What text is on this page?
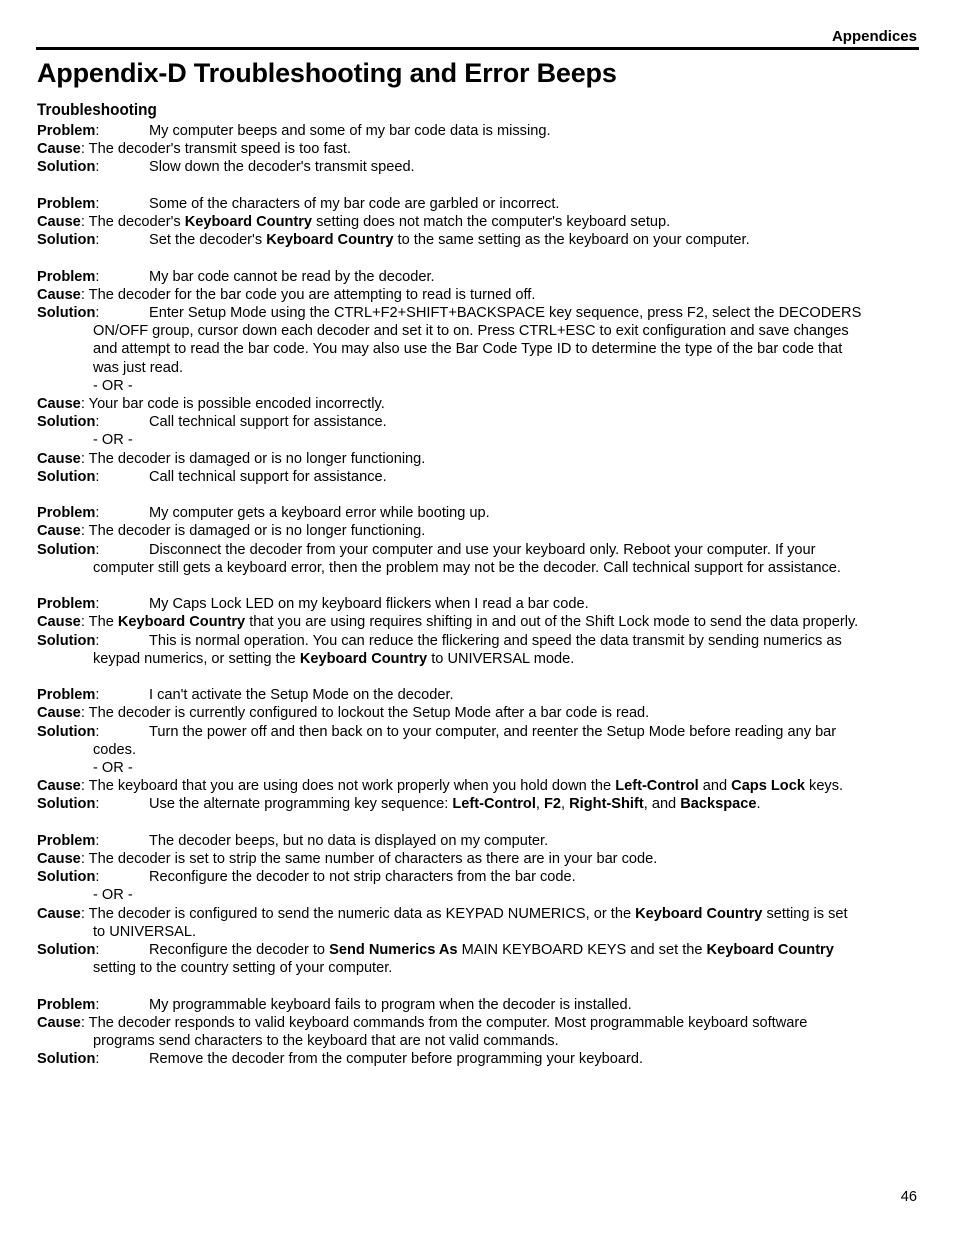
Appendices
Appendix-D Troubleshooting and Error Beeps
Troubleshooting
Problem:	My computer beeps and some of my bar code data is missing.
Cause: The decoder's transmit speed is too fast.
Solution:	Slow down the decoder's transmit speed.
Problem:	Some of the characters of my bar code are garbled or incorrect.
Cause: The decoder's Keyboard Country setting does not match the computer's keyboard setup.
Solution:	Set the decoder's Keyboard Country to the same setting as the keyboard on your computer.
Problem:	My bar code cannot be read by the decoder.
Cause: The decoder for the bar code you are attempting to read is turned off.
Solution:	Enter Setup Mode using the CTRL+F2+SHIFT+BACKSPACE key sequence, press F2, select the DECODERS
ON/OFF group, cursor down each decoder and set it to on. Press CTRL+ESC to exit configuration and save changes
and attempt to read the bar code. You may also use the Bar Code Type ID to determine the type of the bar code that
was just read.
- OR -
Cause: Your bar code is possible encoded incorrectly.
Solution:	Call technical support for assistance.
- OR -
Cause: The decoder is damaged or is no longer functioning.
Solution:	Call technical support for assistance.
Problem:	My computer gets a keyboard error while booting up.
Cause: The decoder is damaged or is no longer functioning.
Solution:	Disconnect the decoder from your computer and use your keyboard only. Reboot your computer. If your
computer still gets a keyboard error, then the problem may not be the decoder. Call technical support for assistance.
Problem:	My Caps Lock LED on my keyboard flickers when I read a bar code.
Cause: The Keyboard Country that you are using requires shifting in and out of the Shift Lock mode to send the data properly.
Solution:	This is normal operation. You can reduce the flickering and speed the data transmit by sending numerics as
keypad numerics, or setting the Keyboard Country to UNIVERSAL mode.
Problem:	I can't activate the Setup Mode on the decoder.
Cause: The decoder is currently configured to lockout the Setup Mode after a bar code is read.
Solution:	Turn the power off and then back on to your computer, and reenter the Setup Mode before reading any bar
codes.
- OR -
Cause: The keyboard that you are using does not work properly when you hold down the Left-Control and Caps Lock keys.
Solution:	Use the alternate programming key sequence: Left-Control, F2, Right-Shift, and Backspace.
Problem:	The decoder beeps, but no data is displayed on my computer.
Cause: The decoder is set to strip the same number of characters as there are in your bar code.
Solution:	Reconfigure the decoder to not strip characters from the bar code.
- OR -
Cause: The decoder is configured to send the numeric data as KEYPAD NUMERICS, or the Keyboard Country setting is set
to UNIVERSAL.
Solution:	Reconfigure the decoder to Send Numerics As MAIN KEYBOARD KEYS and set the Keyboard Country
setting to the country setting of your computer.
Problem:	My programmable keyboard fails to program when the decoder is installed.
Cause: The decoder responds to valid keyboard commands from the computer. Most programmable keyboard software
programs send characters to the keyboard that are not valid commands.
Solution:	Remove the decoder from the computer before programming your keyboard.
46
